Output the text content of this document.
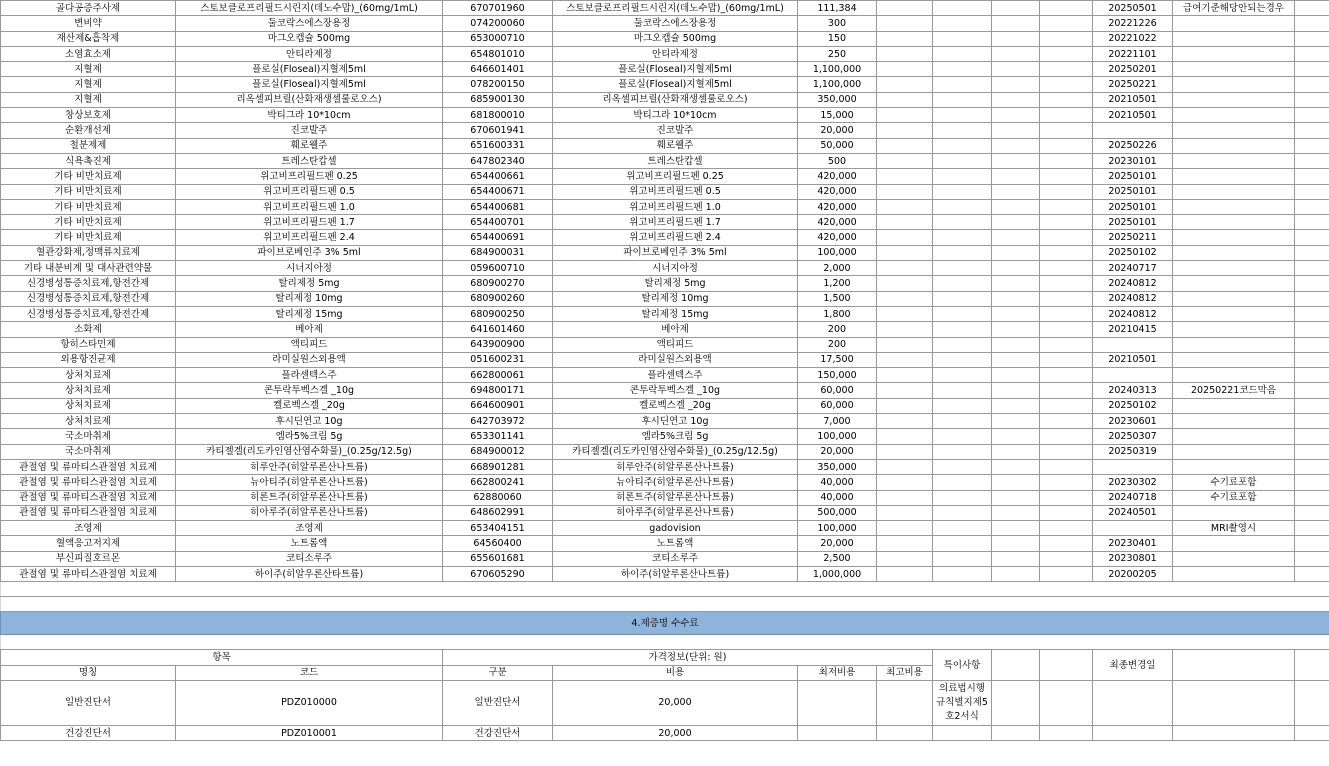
골다공증주사제	스토보클로프리필드시린지(데노수맙)_(60mg/1mL)	670701960	스토보클로프리필드시린지(데노수맙)_(60mg/1mL)	111,384					20250501	급여기준해당안되는경우	
변비약	둘코락스에스장용정	074200060	둘코락스에스장용정	300					20221226		
재산제&흡착제	마그오캡슐 500mg	653000710	마그오캡슐 500mg	150					20221022		
소염효소제	안티라제정	654801010	안티라제정	250					20221101		
지혈제	플로실(Floseal)지혈제5ml	646601401	플로실(Floseal)지혈제5ml	1,100,000					20250201		
지혈제	플로실(Floseal)지혈제5ml	078200150	플로실(Floseal)지혈제5ml	1,100,000					20250221		
지혈제	리옥셀피브릴(산화재생셀룰로오스)	685900130	리옥셀피브릴(산화재생셀룰로오스)	350,000					20210501		
창상보호제	박티그라 10*10cm	681800010	박티그라 10*10cm	15,000					20210501		
순환개선제	진코발주	670601941	진코발주	20,000							
철분제제	훼로웰주	651600331	훼로웰주	50,000					20250226		
식욕촉진제	트레스탄캅셀	647802340	트레스탄캅셀	500					20230101		
기타 비만치료제	위고비프리필드펜 0.25	654400661	위고비프리필드펜 0.25	420,000					20250101		
기타 비만치료제	위고비프리필드펜 0.5	654400671	위고비프리필드펜 0.5	420,000					20250101		
기타 비만치료제	위고비프리필드펜 1.0	654400681	위고비프리필드펜 1.0	420,000					20250101		
기타 비만치료제	위고비프리필드펜 1.7	654400701	위고비프리필드펜 1.7	420,000					20250101		
기타 비만치료제	위고비프리필드펜 2.4	654400691	위고비프리필드펜 2.4	420,000					20250211		
혈관강화제,정맥류치료제	파이브로베인주 3% 5ml	684900031	파이브로베인주 3% 5ml	100,000					20250102		
기타 내분비계 및 대사관련약물	시너지아정	059600710	시너지아정	2,000					20240717		
신경병성통증치료제,항전간제	탈리제정 5mg	680900270	탈리제정 5mg	1,200					20240812		
신경병성통증치료제,항전간제	탈리제정 10mg	680900260	탈리제정 10mg	1,500					20240812		
신경병성통증치료제,항전간제	탈리제정 15mg	680900250	탈리제정 15mg	1,800					20240812		
소화제	베아제	641601460	베아제	200					20210415		
항히스타민제	액티피드	643900900	액티피드	200							
외용항진균제	라미실원스외용액	051600231	라미실원스외용액	17,500					20210501		
상처치료제	플라센텍스주	662800061	플라센텍스주	150,000							
상처치료제	콘투락투벡스겔 _10g	694800171	콘투락투벡스겔 _10g	60,000					20240313	20250221코드막음	
상처치료제	켈로벡스겔 _20g	664600901	켈로벡스겔 _20g	60,000					20250102		
상처치료제	후시딘연고 10g	642703972	후시딘연고 10g	7,000					20230601		
국소마취제	엠라5%크림 5g	653301141	엠라5%크림 5g	100,000					20250307		
국소마취제	카티젤겔(리도카인염산염수화물)_(0.25g/12.5g)	684900012	카티젤겔(리도카인염산염수화물)_(0.25g/12.5g)	20,000					20250319		
관절염 및 류마티스관절염 치료제	히루안주(히알루론산나트륨)	668901281	히루안주(히알루론산나트륨)	350,000							
관절염 및 류마티스관절염 치료제	뉴아티주(히알루론산나트륨)	662800241	뉴아티주(히알루론산나트륨)	40,000					20230302	수기료포함	
관절염 및 류마티스관절염 치료제	히론트주(히알루론산나트륨)	62880060	히론트주(히알루론산나트륨)	40,000					20240718	수기료포함	
관절염 및 류마티스관절염 치료제	히아루주(히알루론산나트륨)	648602991	히아루주(히알루론산나트륨)	500,000					20240501		
조영제	조영제	653404151	gadovision	100,000						MRI촬영시	
혈액응고저지제	노트롬액	64560400	노트롬액	20,000					20230401		
부신피질호르몬	코티소루주	655601681	코티소루주	2,500					20230801		
관절염 및 류마티스관절염 치료제	하이주(히알우론산타트륨)	670605290	하이주(히알루론산나트륨)	1,000,000					20200205		

4.제증명 수수료											

항목		가격정보(단위: 원)				특이사항			최종변경일		
명칭	코드	구분	비용	최저비용	최고비용						
일반진단서	PDZ010000	일반진단서	20,000			의료법시행규칙별지제5호2서식					
건강진단서	PDZ010001	건강진단서	20,000								
